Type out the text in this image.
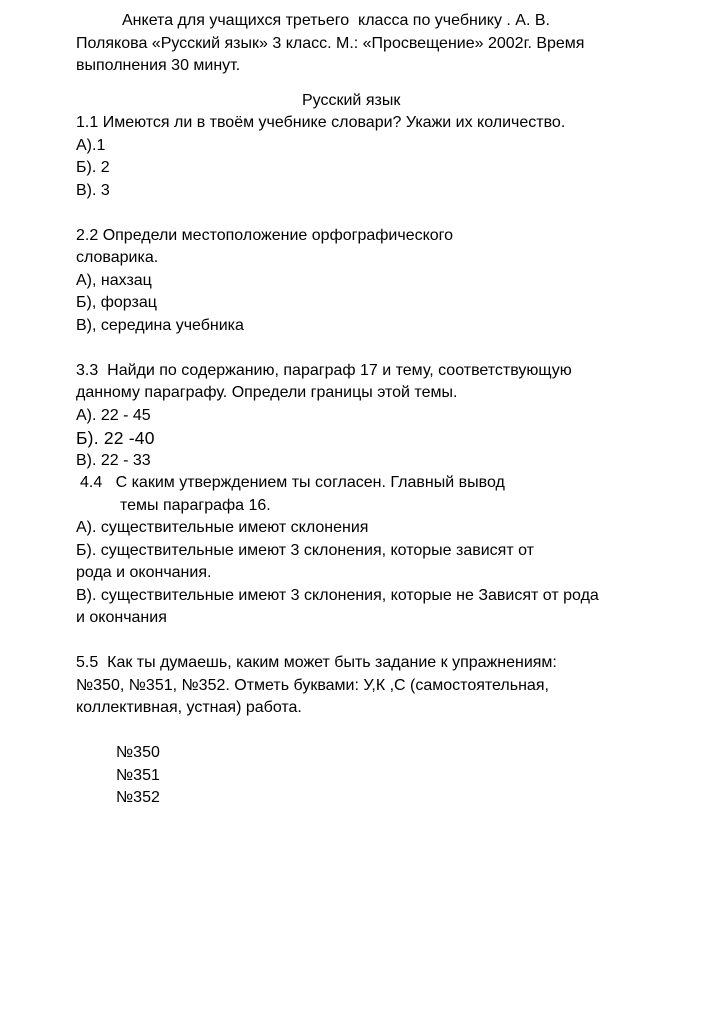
Анкета для учащихся третьего  класса по учебнику . А. В.
Полякова «Русский язык» 3 класс. М.: «Просвещение» 2002г. Время
выполнения 30 минут.
Русский язык
1.1 Имеются ли в твоём учебнике словари? Укажи их количество.
А).1
Б). 2
В). 3
2.2 Определи местоположение орфографического
словарика.
А), нахзац
Б), форзац
В), середина учебника
3.3  Найди по содержанию, параграф 17 и тему, соответствующую
данному параграфу. Определи границы этой темы.
А). 22 - 45
Б). 22 -40
В). 22 - 33
4.4   С каким утверждением ты согласен. Главный вывод
темы параграфа 16.
А). существительные имеют склонения
Б). существительные имеют 3 склонения, которые зависят от
рода и окончания.
В). существительные имеют 3 склонения, которые не Зависят от рода
и окончания
5.5  Как ты думаешь, каким может быть задание к упражнениям:
№350, №351, №352. Отметь буквами: У,К ,С (самостоятельная,
коллективная, устная) работа.
№350
№351
№352
